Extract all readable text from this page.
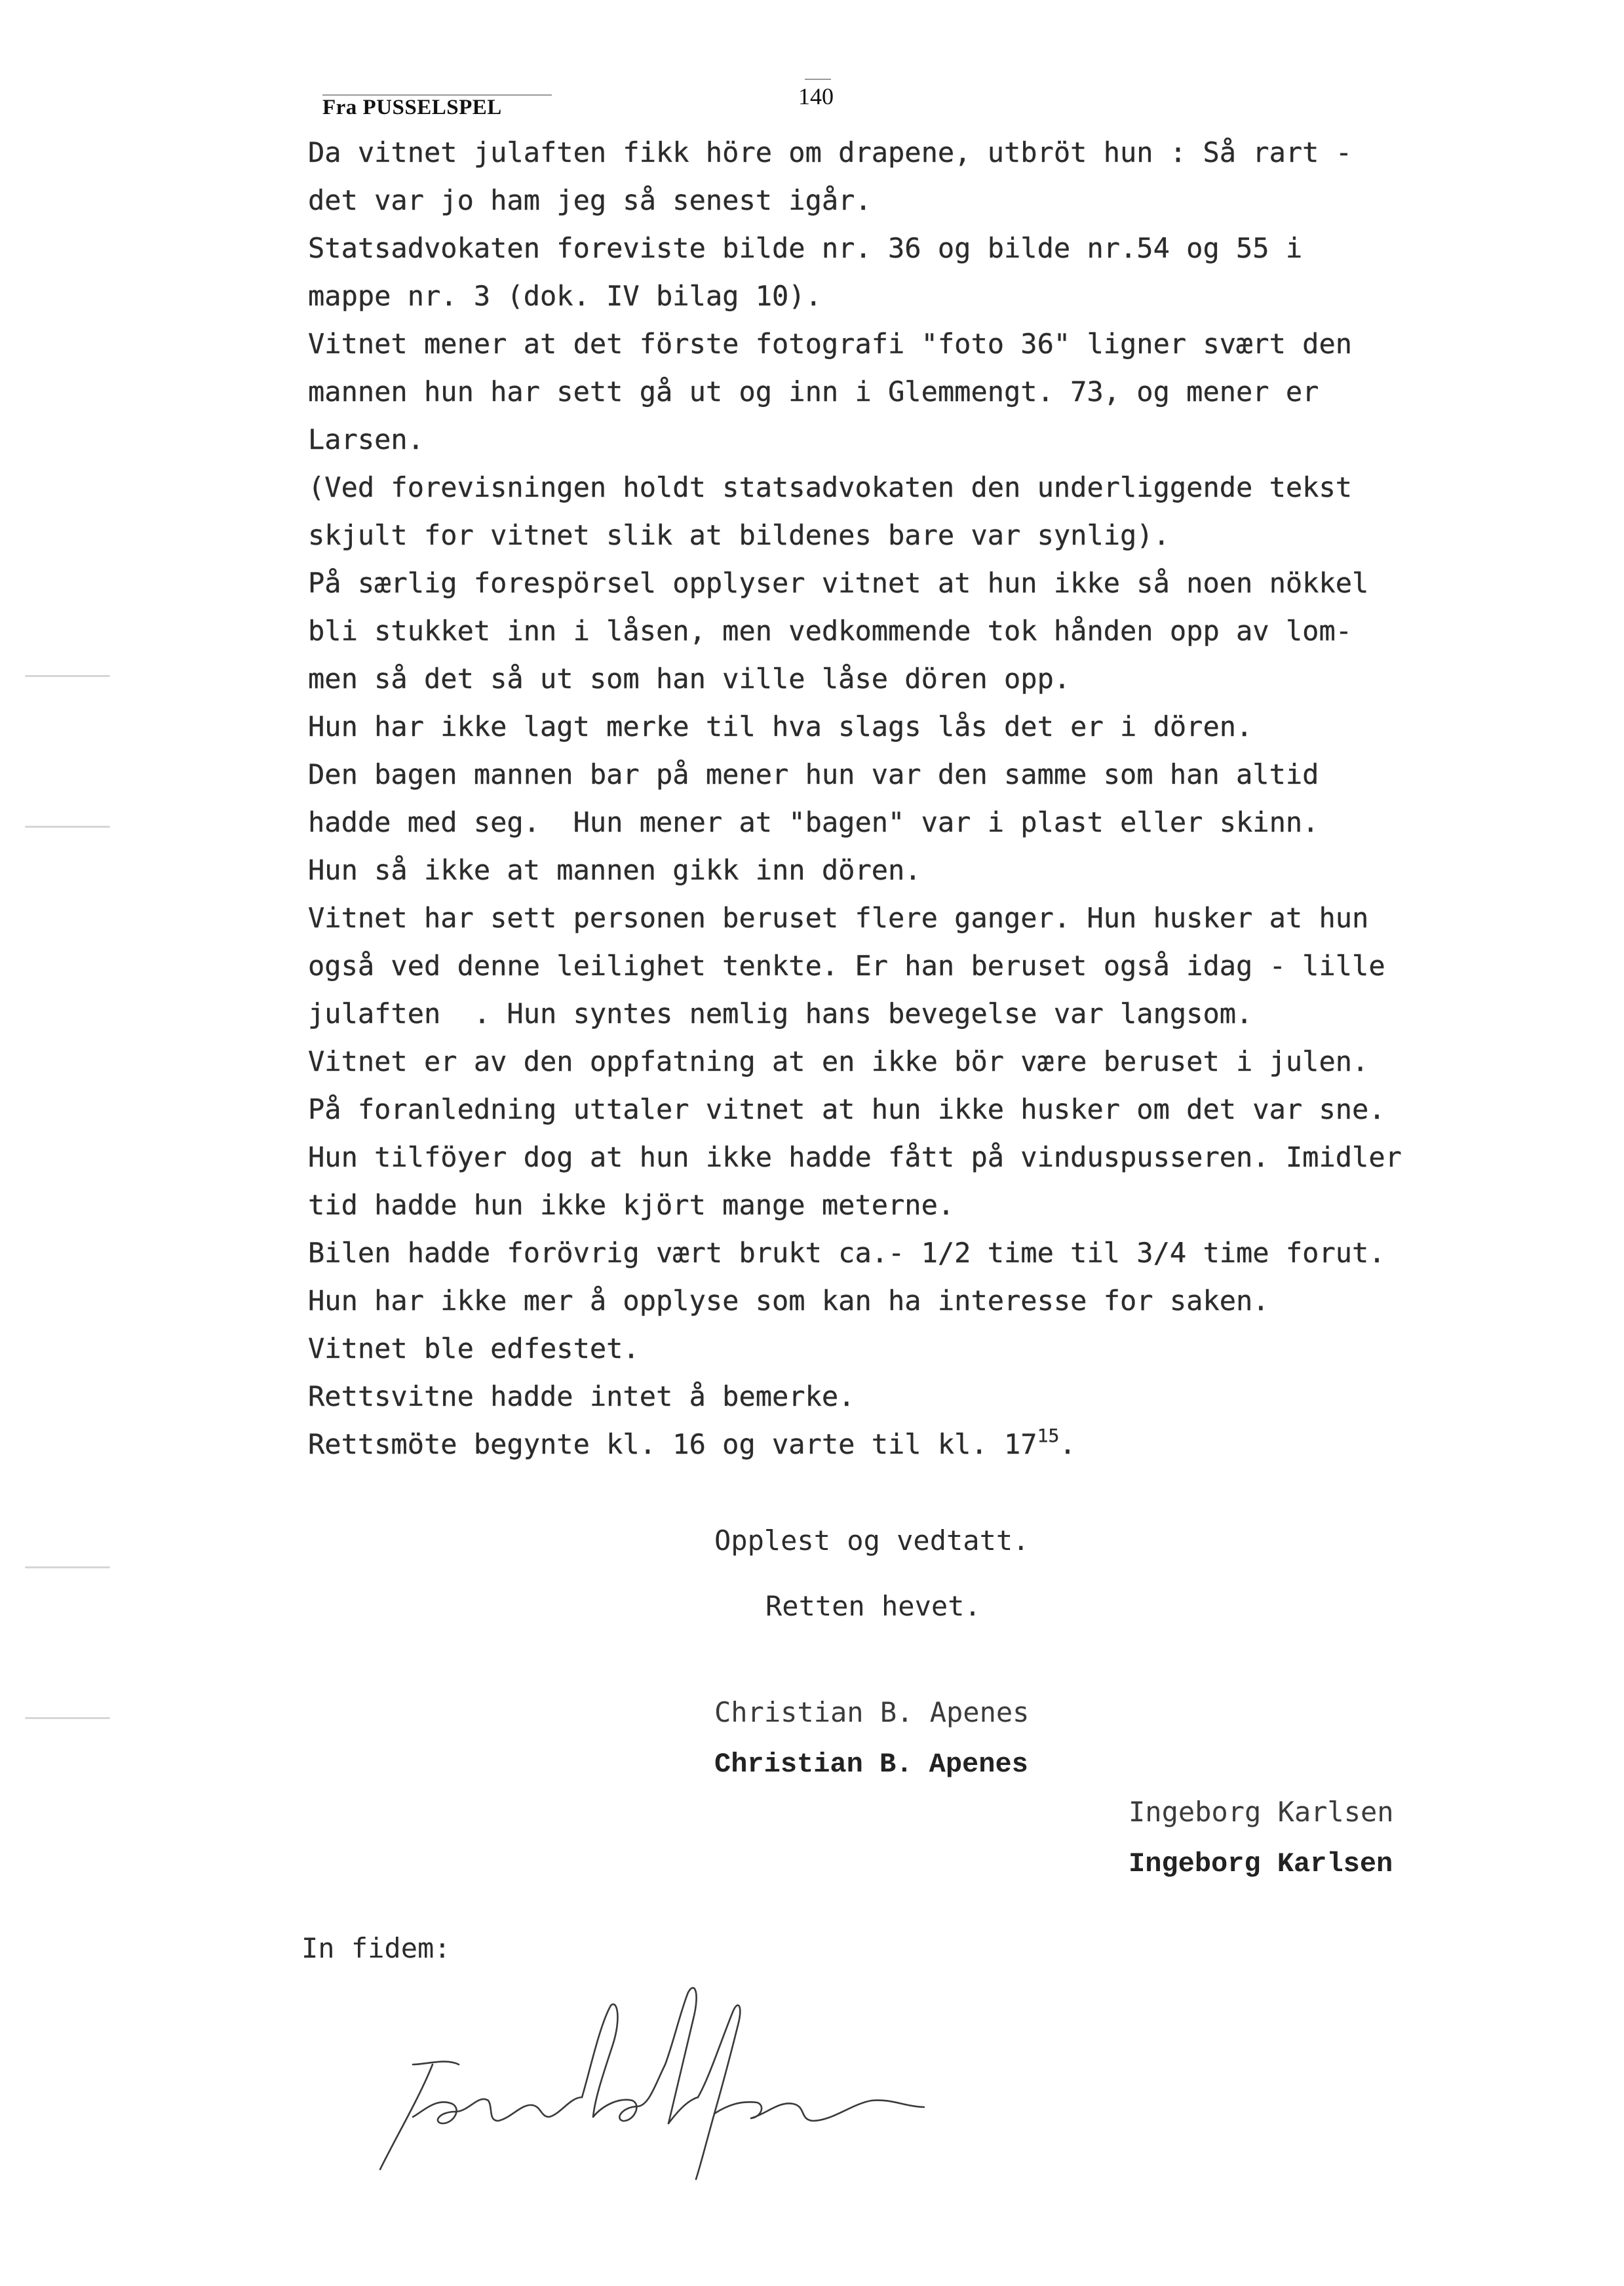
Fra PUSSELSPEL	140
Da vitnet julaften fikk höre om drapene, utbröt hun : Så rart -
det var jo ham jeg så senest igår.
Statsadvokaten foreviste bilde nr. 36 og bilde nr.54 og 55 i
mappe nr. 3 (dok. IV bilag 10).
Vitnet mener at det förste fotografi "foto 36" ligner svært den
mannen hun har sett gå ut og inn i Glemmengt. 73, og mener er
Larsen.
(Ved forevisningen holdt statsadvokaten den underliggende tekst
skjult for vitnet slik at bildenes bare var synlig).
På særlig forespörsel opplyser vitnet at hun ikke så noen nökkel
bli stukket inn i låsen, men vedkommende tok hånden opp av lom-
men så det så ut som han ville låse dören opp.
Hun har ikke lagt merke til hva slags lås det er i dören.
Den bagen mannen bar på mener hun var den samme som han altid
hadde med seg.  Hun mener at "bagen" var i plast eller skinn.
Hun så ikke at mannen gikk inn dören.
Vitnet har sett personen beruset flere ganger. Hun husker at hun
også ved denne leilighet tenkte. Er han beruset også idag - lille
julaften  . Hun syntes nemlig hans bevegelse var langsom.
Vitnet er av den oppfatning at en ikke bör være beruset i julen.
På foranledning uttaler vitnet at hun ikke husker om det var sne.
Hun tilföyer dog at hun ikke hadde fått på vinduspusseren. Imidler
tid hadde hun ikke kjört mange meterne.
Bilen hadde forövrig vært brukt ca.- 1/2 time til 3/4 time forut.
Hun har ikke mer å opplyse som kan ha interesse for saken.
Vitnet ble edfestet.
Rettsvitne hadde intet å bemerke.
Rettsmöte begynte kl. 16 og varte til kl. $17^{15}$.
Opplest og vedtatt.
Retten hevet.
Christian B. Apenes
Christian B. Apenes
Ingeborg Karlsen
Ingeborg Karlsen
In fidem:
